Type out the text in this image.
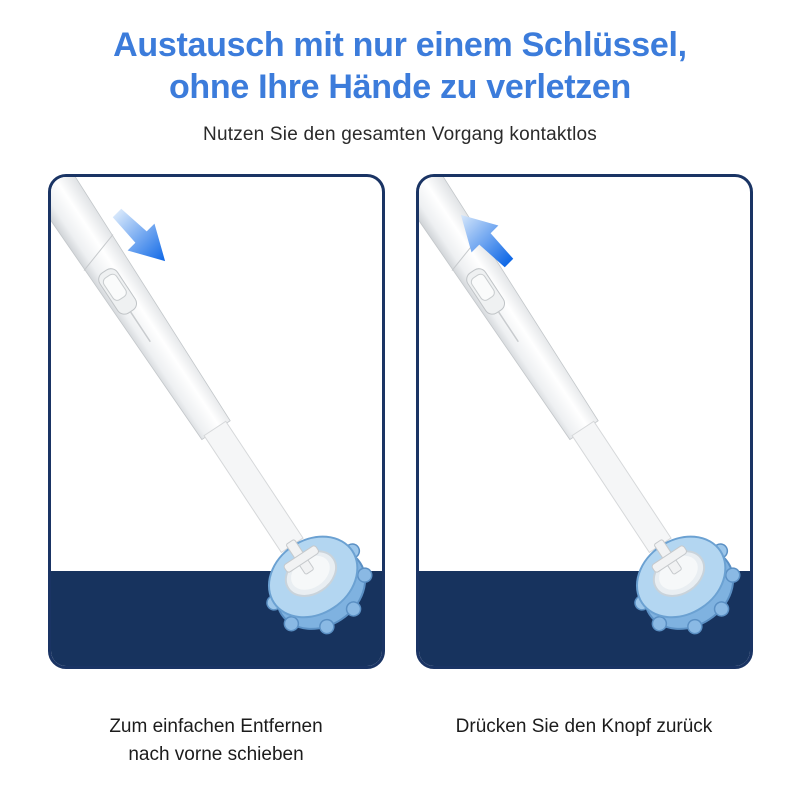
Austausch mit nur einem Schlüssel,
ohne Ihre Hände zu verletzen
Nutzen Sie den gesamten Vorgang kontaktlos
Zum einfachen Entfernen
nach vorne schieben
Drücken Sie den Knopf zurück
